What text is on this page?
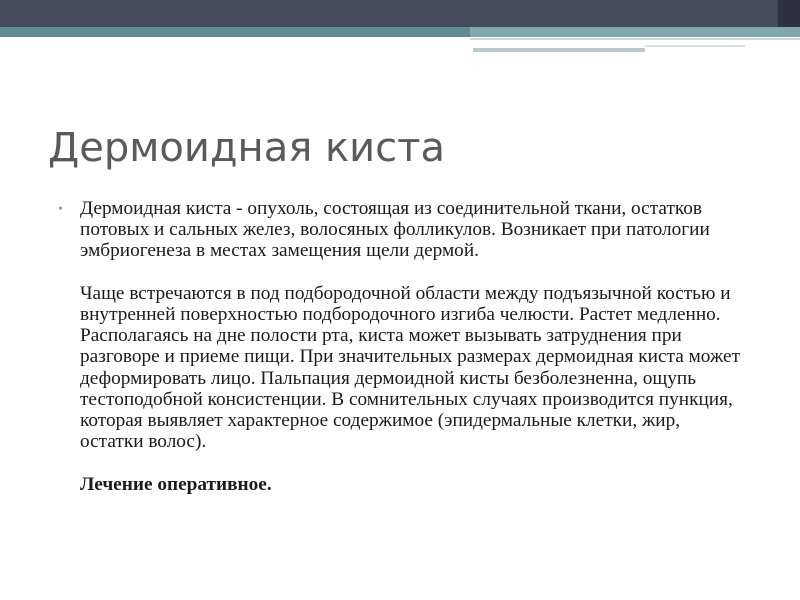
Дермоидная киста
• Дермоидная киста - опухоль, состоящая из соединительной ткани, остатков потовых и сальных желез, волосяных фолликулов. Возникает при патологии эмбриогенеза в местах замещения щели дермой.

Чаще встречаются в под подбородочной области между подъязычной костью и внутренней поверхностью подбородочного изгиба челюсти. Растет медленно. Располагаясь на дне полости рта, киста может вызывать затруднения при разговоре и приеме пищи. При значительных размерах дермоидная киста может деформировать лицо. Пальпация дермоидной кисты безболезненна, ощупь тестоподобной консистенции. В сомнительных случаях производится пункция, которая выявляет характерное содержимое (эпидермальные клетки, жир, остатки волос).

Лечение оперативное.
